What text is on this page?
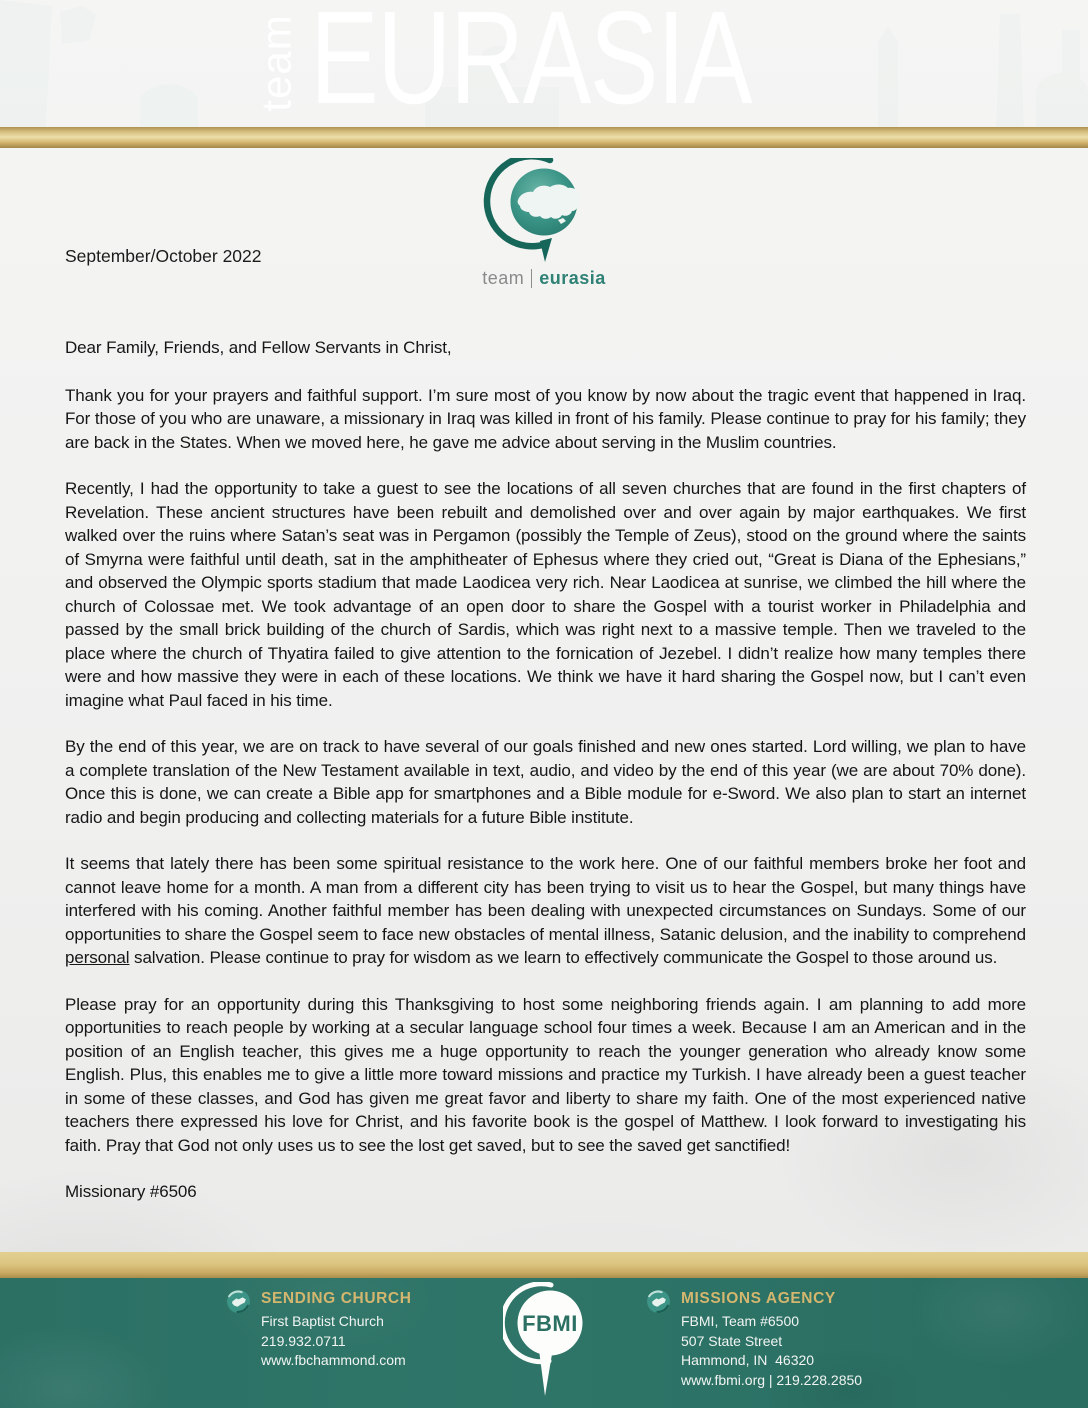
team EURASIA
team eurasia
September/October 2022
Dear Family, Friends, and Fellow Servants in Christ,

Thank you for your prayers and faithful support. I’m sure most of you know by now about the tragic event that happened in Iraq. For those of you who are unaware, a missionary in Iraq was killed in front of his family. Please continue to pray for his family; they are back in the States. When we moved here, he gave me advice about serving in the Muslim countries.

Recently, I had the opportunity to take a guest to see the locations of all seven churches that are found in the first chapters of Revelation. These ancient structures have been rebuilt and demolished over and over again by major earthquakes. We first walked over the ruins where Satan’s seat was in Pergamon (possibly the Temple of Zeus), stood on the ground where the saints of Smyrna were faithful until death, sat in the amphitheater of Ephesus where they cried out, “Great is Diana of the Ephesians,” and observed the Olympic sports stadium that made Laodicea very rich. Near Laodicea at sunrise, we climbed the hill where the church of Colossae met. We took advantage of an open door to share the Gospel with a tourist worker in Philadelphia and passed by the small brick building of the church of Sardis, which was right next to a massive temple. Then we traveled to the place where the church of Thyatira failed to give attention to the fornication of Jezebel. I didn’t realize how many temples there were and how massive they were in each of these locations. We think we have it hard sharing the Gospel now, but I can’t even imagine what Paul faced in his time.

By the end of this year, we are on track to have several of our goals finished and new ones started. Lord willing, we plan to have a complete translation of the New Testament available in text, audio, and video by the end of this year (we are about 70% done). Once this is done, we can create a Bible app for smartphones and a Bible module for e-Sword. We also plan to start an internet radio and begin producing and collecting materials for a future Bible institute.

It seems that lately there has been some spiritual resistance to the work here. One of our faithful members broke her foot and cannot leave home for a month. A man from a different city has been trying to visit us to hear the Gospel, but many things have interfered with his coming. Another faithful member has been dealing with unexpected circumstances on Sundays. Some of our opportunities to share the Gospel seem to face new obstacles of mental illness, Satanic delusion, and the inability to comprehend personal salvation. Please continue to pray for wisdom as we learn to effectively communicate the Gospel to those around us.

Please pray for an opportunity during this Thanksgiving to host some neighboring friends again. I am planning to add more opportunities to reach people by working at a secular language school four times a week. Because I am an American and in the position of an English teacher, this gives me a huge opportunity to reach the younger generation who already know some English. Plus, this enables me to give a little more toward missions and practice my Turkish. I have already been a guest teacher in some of these classes, and God has given me great favor and liberty to share my faith. One of the most experienced native teachers there expressed his love for Christ, and his favorite book is the gospel of Matthew. I look forward to investigating his faith. Pray that God not only uses us to see the lost get saved, but to see the saved get sanctified!

Missionary #6506
SENDING CHURCH
First Baptist Church
219.932.0711
www.fbchammond.com
FBMI
MISSIONS AGENCY
FBMI, Team #6500
507 State Street
Hammond, IN  46320
www.fbmi.org | 219.228.2850
